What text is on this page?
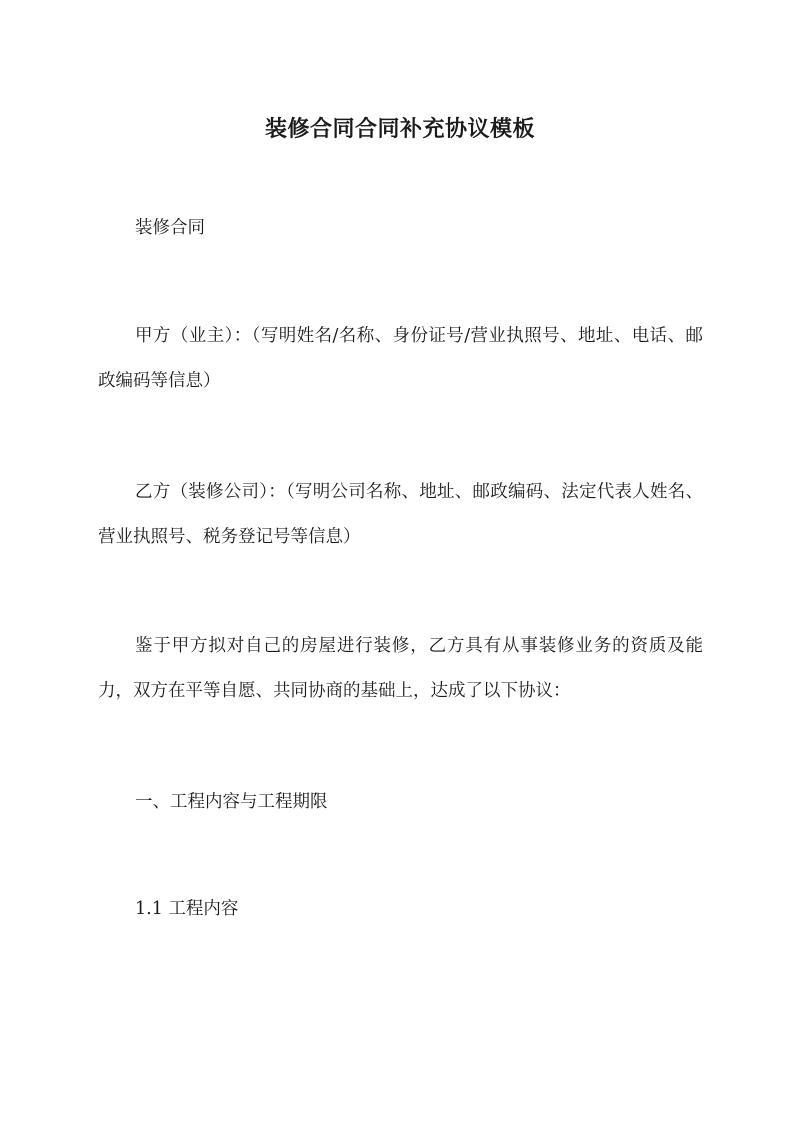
装修合同合同补充协议模板

装修合同

甲方（业主）：（写明姓名/名称、身份证号/营业执照号、地址、电话、邮政编码等信息）

乙方（装修公司）：（写明公司名称、地址、邮政编码、法定代表人姓名、营业执照号、税务登记号等信息）

鉴于甲方拟对自己的房屋进行装修，乙方具有从事装修业务的资质及能力，双方在平等自愿、共同协商的基础上，达成了以下协议：

一、工程内容与工程期限

1.1 工程内容
